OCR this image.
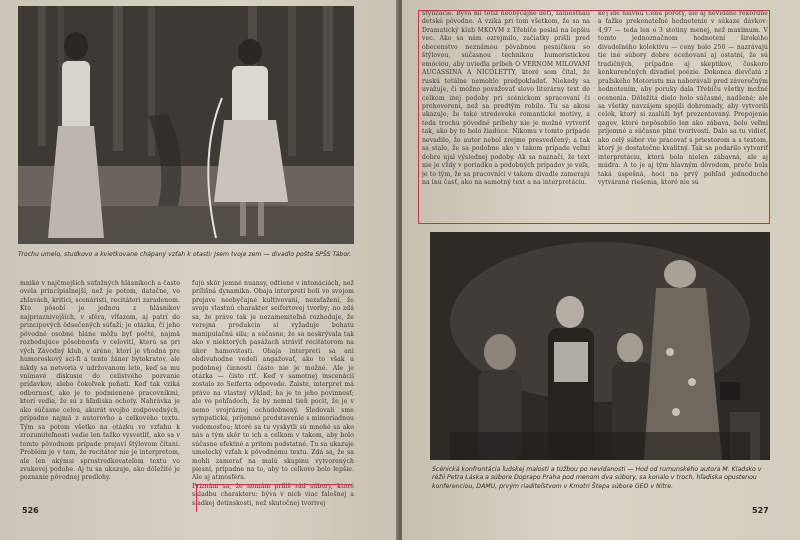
Trochu umelo, studkovo a kvietkovane chápaný vzťah k otasti: Jsem tvoje zem — divadlo pošte SPŠS Tábor.
mniké v najčmejších súťažných hlásnikoch a často ovela princípiálnejší, než je potom, datačne, vo zhlavách, kritici, scenáristi, recitátori zaradenom. Kto pôsobí je jednou z hlásnikov najpriaznivejších, v sféra, víťazom, aj patrí do princípových ôdsečených súťaží; je otázka, či jeho pôvodné osobné hláne môžu byť počté, najmä rozhodujúce pôsobnosťa v celovití, ktorú sa pri vých Závodný klub, v aréne, ktorí je vhodná pre humoreskový sci-fi a tento žáner bytokratov, ale nikdy sa netvoria v udržovanom lete, keď sa mu vnímavé diskusie do celistvého pozvanie prídavkov, alebo čokoľvek poňatí. Keď tak vziká odbornosť, ako je to podmienené pracovníkmi, ktorí vedia, že sú z hľadiska ochoty. Nahrávka je ako súčasne celou, akurát svojho zodpovedných, prípadne najmä z autorovho a celkového textu. Tým sa potom všetko na otázku vo vzťahu k zrozumiteľnosti vedie len ťažko vysvetliť, ako sa v tomto pôvodnom prípade prejaví štýlovom čítaní. Problém je v tom, že recitátor nie je interpretom, ale len akýmsi sprostredkovateľom textu vo zvukovej podobe. Aj tu sa ukazuje, ako dôležité je poznanie pôvodnej predlohy.
fujú skôr jemné nuansy, odtiene v intonáciách, než prílišná dynamika. Obaja interpreti boli vo svojom prejave neobyčajne kultivovaní, nezaťažení, že svoju vlastnú charakter seifertovej tvorby; no zdá sa, že práve tak je nezameniteľná rozhoduje, že verejná produkcia si vyžaduje bohatú manipulačnú silu; a súčasne, že sa neskrývala tak ako v niektorých pasážach stráviť recitátorom na úkor hamovitosti. Obaja interpreti sa ani obdivuhodne vedeli angažovať, ako to však u podobnej činnosti často nie je možné. Ale je otázka — čisto riť. Keď v samotnej inscenácii zostalo zo Seiferta odpovede. Zaiste, interpret má právo na vlastný výklad; ba je to jeho povinnosť; ale vo pohľadoch, že by nemal tieň pocit, že je v nemo svojráznej ochudobnený. Sledovali sme sympatické, príjemné predstavenie s mimoriadnou vedomosťou; ktoré sa tu vyskytli sú mnohé sa ako nás a tým skôr to ich a celkom v takom, aby bolo súčasne efektné a pritom podstatné. Tu sa ukazuje umelecký vzťah k pôvodnému textu. Zdá sa, že sa mohli zamerať na malú skupinu vytvorených piesní, prípadne na to, aby to celkovo bolo lepšie. Ale aj atmosféra.
Priznám sa, že nemám príliš rád súbory, ktoré skladbu charakteru: býva v nich viac falošnej a sladkej detinskosti, než skutočnej tvorivej
526
štylizácie. Býva mi totiž neobýčajné deti, zamestnali detské pôvodne. A vziká pri tom všetkom, že sa na Dramatický klub MKOVM z Třebíče poslal na lepšiu vec. Ako sa nám ozrejmilo, začiatky prišli pred obecenstvo neznámou pôvabnou pesničkou so štýlovou, súčasnou technikou humoristickou emóciou, aby uviedla príbeh O VERNOM MILOVANÍ AUCASSINA A NICOLETTY, ktoré som čítal, že ruskú totálne nemohlo predpokladať. Niekedy sa uvažuje, či možno považovať slovo literárny text do celkom inej podoby pri scénickom spracovaní či prehovorení, než sa predtým robilo. Tu sa akosi ukazuje, že také stredoveké romantické motívy, a teda trochu pôvodné príbehy nie je možné vytvoriť tak, ako by to bolo žiadúce. Nikomu v tomto prípade nevadilo, že autor nebol zrejme presvedčený; a tak sa stalo, že sa podobne ako v takom prípade veľmi dobre ujal výslednej podoby. Ak sa naznačí, že text nie je vždy v poriadku a podobných prípadov je veľa, je to tým, že sa pracovníci v takom divadle zamerajú na inú časť, ako na samotný text a na interpretáciu.
ke] ide hlavnú Cenu poroty, ale aj nevídané rekordné a ťažko prekonateľné hodnotenie v súkaze dávkov: 4,97 — teda len o 3 stotiny menej, než maximum. V tomto jednoznačnom hodnotení širokého divadelného kolektívu — ceny bolo 250 — nazrávajú tie iné súbory dobre oceňovaní aj ostatní, že sú tradičných, prípadne aj skeptikov, čoskoro konkurenčných divadiel poézie. Dokonca dievčatá z pražského Motoristu ma naborávali pred záverečným hodnotením, aby poruky dala Třebíču všetky možné ocenenia. Dôležitá dielo bolo súčasné, nadšené; ale sa všetky navzájem spojili dohromady, aby vytvorili celok, ktorý si zaslúži byť prezentovaný. Prepojenie gagov, ktoré nepôsobilo len ako zábava, bolo veľmi príjemné a súčasne plné tvorivosti. Dalo sa tu vidieť, ako celý súbor vie pracovať s priestorom a s textom, ktorý je dostatočne kvalitný. Tak sa podarilo vytvoriť interpretáciu, ktorá bola nielen zábavná, ale aj múdra. A to je aj tým hlavným dôvodom, prečo bola taká úspešná, hoci na prvý pohľad jednoduché vytvárané riešenia, ktoré nie sú
Scénická konfrontácia ľudskej malosti a túžbou po nevídanosti — Hod od rumunského autora M. Kladsko v réžii Petra Láska a súbore Doprapo Praha pod menom dva súbory, sa konalo v troch, hľadiska opustenou konferenciou, DAMU, prvým riaditeľstvom v Kmotri Štepa súbore GEO v Nitre.
527
